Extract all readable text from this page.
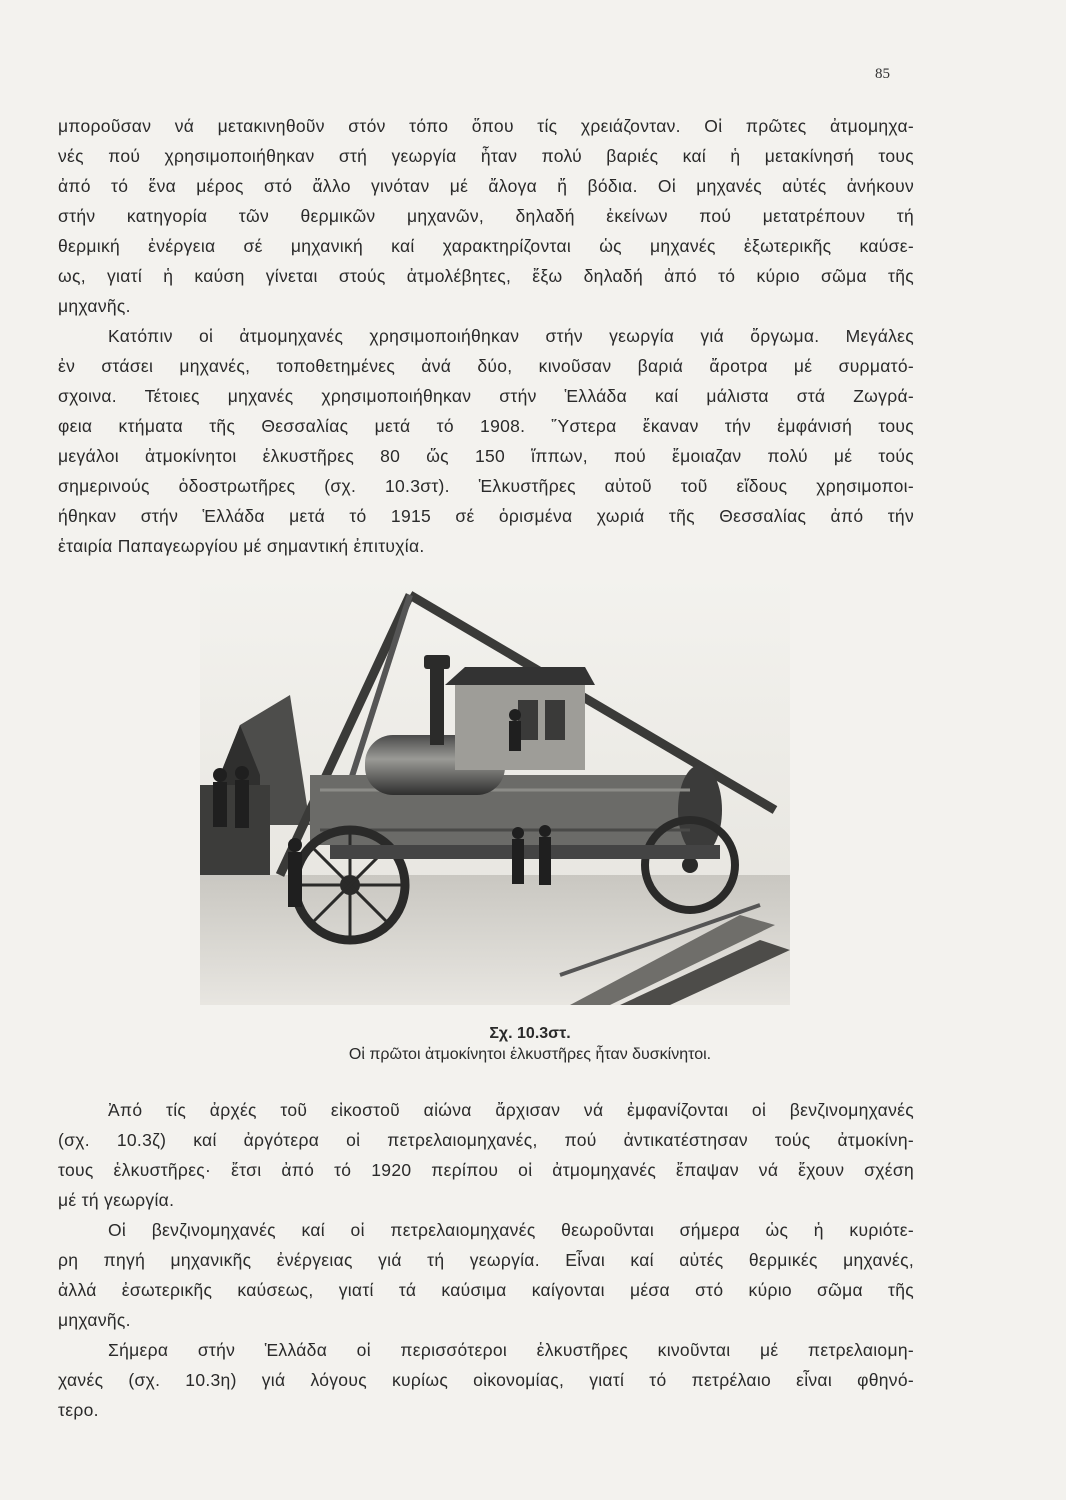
85
μποροῦσαν νά μετακινηθοῦν στόν τόπο ὅπου τίς χρειάζονταν. Οἱ πρῶτες ἀτμομηχα-
νές πού χρησιμοποιήθηκαν στή γεωργία ἦταν πολύ βαριές καί ἡ μετακίνησή τους
ἀπό τό ἕνα μέρος στό ἄλλο γινόταν μέ ἄλογα ἤ βόδια. Οἱ μηχανές αὐτές ἀνήκουν
στήν κατηγορία τῶν θερμικῶν μηχανῶν, δηλαδή ἐκείνων πού μετατρέπουν τή
θερμική ἐνέργεια σέ μηχανική καί χαρακτηρίζονται ὡς μηχανές ἐξωτερικῆς καύσε-
ως, γιατί ἡ καύση γίνεται στούς ἀτμολέβητες, ἔξω δηλαδή ἀπό τό κύριο σῶμα τῆς
μηχανῆς.
Κατόπιν οἱ ἀτμομηχανές χρησιμοποιήθηκαν στήν γεωργία γιά ὄργωμα. Μεγάλες
ἐν στάσει μηχανές, τοποθετημένες ἀνά δύο, κινοῦσαν βαριά ἄροτρα μέ συρματό-
σχοινα. Τέτοιες μηχανές χρησιμοποιήθηκαν στήν Ἑλλάδα καί μάλιστα στά Ζωγρά-
φεια κτήματα τῆς Θεσσαλίας μετά τό 1908. Ὕστερα ἔκαναν τήν ἐμφάνισή τους
μεγάλοι ἀτμοκίνητοι ἑλκυστῆρες 80 ὥς 150 ἵππων, πού ἔμοιαζαν πολύ μέ τούς
σημερινούς ὁδοστρωτῆρες (σχ. 10.3στ). Ἑλκυστῆρες αὐτοῦ τοῦ εἴδους χρησιμοποι-
ήθηκαν στήν Ἑλλάδα μετά τό 1915 σέ ὁρισμένα χωριά τῆς Θεσσαλίας ἀπό τήν
ἑταιρία Παπαγεωργίου μέ σημαντική ἐπιτυχία.
Σχ. 10.3στ.
Οἱ πρῶτοι ἀτμοκίνητοι ἑλκυστῆρες ἦταν δυσκίνητοι.
Ἀπό τίς ἀρχές τοῦ εἰκοστοῦ αἰώνα ἄρχισαν νά ἐμφανίζονται οἱ βενζινομηχανές
(σχ. 10.3ζ) καί ἀργότερα οἱ πετρελαιομηχανές, πού ἀντικατέστησαν τούς ἀτμοκίνη-
τους ἑλκυστῆρες· ἔτσι ἀπό τό 1920 περίπου οἱ ἀτμομηχανές ἔπαψαν νά ἔχουν σχέση
μέ τή γεωργία.
Οἱ βενζινομηχανές καί οἱ πετρελαιομηχανές θεωροῦνται σήμερα ὡς ἡ κυριότε-
ρη πηγή μηχανικῆς ἐνέργειας γιά τή γεωργία. Εἶναι καί αὐτές θερμικές μηχανές,
ἀλλά ἐσωτερικῆς καύσεως, γιατί τά καύσιμα καίγονται μέσα στό κύριο σῶμα τῆς
μηχανῆς.
Σήμερα στήν Ἑλλάδα οἱ περισσότεροι ἑλκυστῆρες κινοῦνται μέ πετρελαιομη-
χανές (σχ. 10.3η) γιά λόγους κυρίως οἰκονομίας, γιατί τό πετρέλαιο εἶναι φθηνό-
τερο.
